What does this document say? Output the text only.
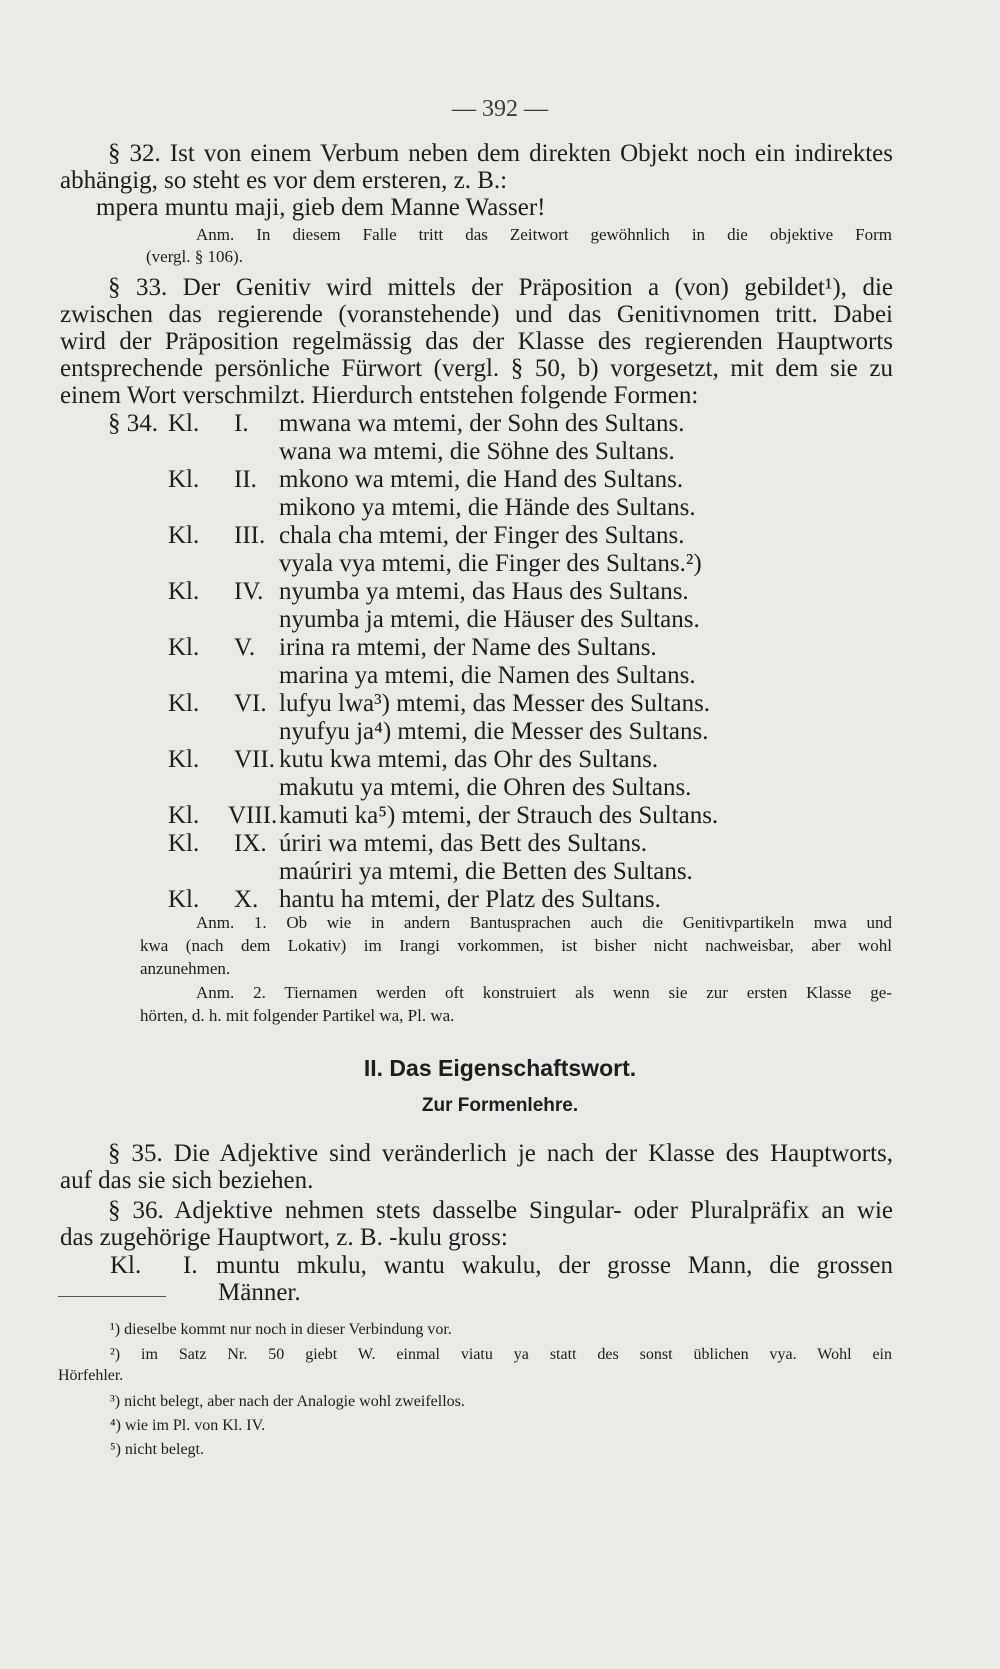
— 392 —
§ 32. Ist von einem Verbum neben dem direkten Objekt noch ein indirektes
abhängig, so steht es vor dem ersteren, z. B.:
mpera muntu maji, gieb dem Manne Wasser!
Anm. In diesem Falle tritt das Zeitwort gewöhnlich in die objektive Form
(vergl. § 106).
§ 33. Der Genitiv wird mittels der Präposition a (von) gebildet¹), die
zwischen das regierende (voranstehende) und das Genitivnomen tritt. Dabei
wird der Präposition regelmässig das der Klasse des regierenden Hauptworts
entsprechende persönliche Fürwort (vergl. § 50, b) vorgesetzt, mit dem sie zu
einem Wort verschmilzt. Hierdurch entstehen folgende Formen:
§ 34. Kl. I. mwana wa mtemi, der Sohn des Sultans.
wana wa mtemi, die Söhne des Sultans.
Kl. II. mkono wa mtemi, die Hand des Sultans.
mikono ya mtemi, die Hände des Sultans.
Kl. III. chala cha mtemi, der Finger des Sultans.
vyala vya mtemi, die Finger des Sultans.²)
Kl. IV. nyumba ya mtemi, das Haus des Sultans.
nyumba ja mtemi, die Häuser des Sultans.
Kl. V. irina ra mtemi, der Name des Sultans.
marina ya mtemi, die Namen des Sultans.
Kl. VI. lufyu lwa³) mtemi, das Messer des Sultans.
nyufyu ja⁴) mtemi, die Messer des Sultans.
Kl. VII. kutu kwa mtemi, das Ohr des Sultans.
makutu ya mtemi, die Ohren des Sultans.
Kl. VIII. kamuti ka⁵) mtemi, der Strauch des Sultans.
Kl. IX. úriri wa mtemi, das Bett des Sultans.
maúriri ya mtemi, die Betten des Sultans.
Kl. X. hantu ha mtemi, der Platz des Sultans.
Anm. 1. Ob wie in andern Bantusprachen auch die Genitivpartikeln mwa und
kwa (nach dem Lokativ) im Irangi vorkommen, ist bisher nicht nachweisbar, aber wohl
anzunehmen.
Anm. 2. Tiernamen werden oft konstruiert als wenn sie zur ersten Klasse ge-
hörten, d. h. mit folgender Partikel wa, Pl. wa.
II. Das Eigenschaftswort.
Zur Formenlehre.
§ 35. Die Adjektive sind veränderlich je nach der Klasse des Hauptworts,
auf das sie sich beziehen.
§ 36. Adjektive nehmen stets dasselbe Singular- oder Pluralpräfix an wie
das zugehörige Hauptwort, z. B. -kulu gross:
Kl. I. muntu mkulu, wantu wakulu, der grosse Mann, die grossen
Männer.
¹) dieselbe kommt nur noch in dieser Verbindung vor.
²) im Satz Nr. 50 giebt W. einmal viatu ya statt des sonst üblichen vya. Wohl ein
Hörfehler.
³) nicht belegt, aber nach der Analogie wohl zweifellos.
⁴) wie im Pl. von Kl. IV.
⁵) nicht belegt.
